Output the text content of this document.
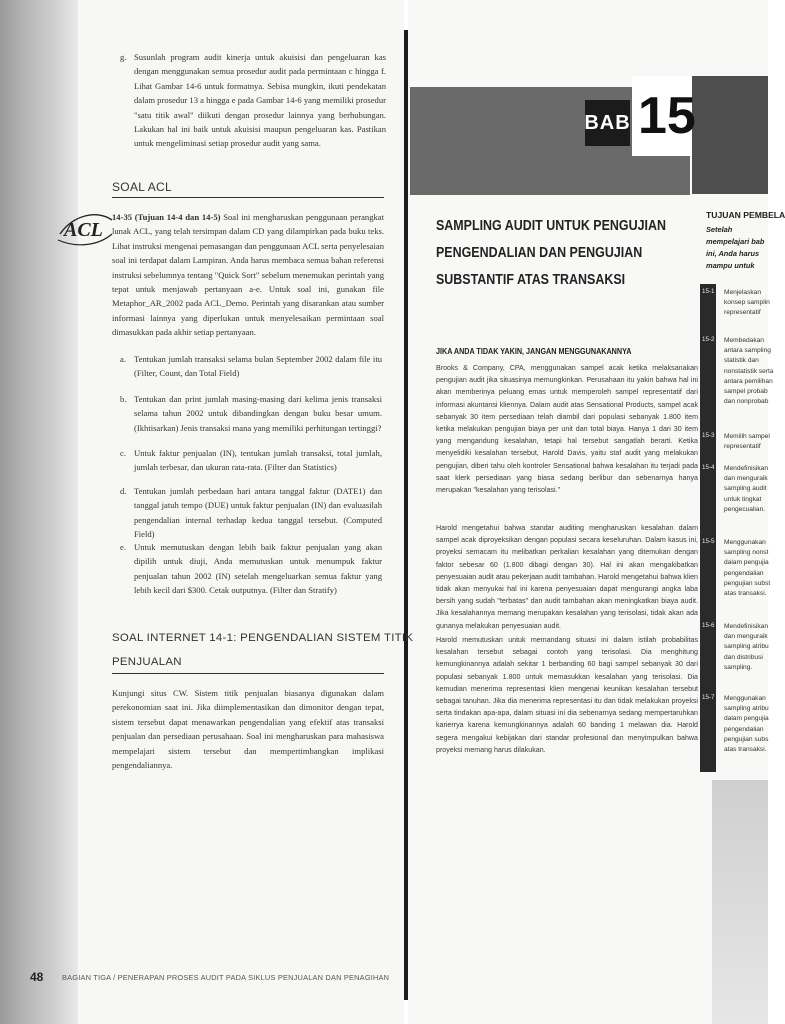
g. Susunlah program audit kinerja untuk akuisisi dan pengeluaran kas dengan menggunakan semua prosedur audit pada permintaan c hingga f. Lihat Gambar 14-6 untuk formatnya. Sebisa mungkin, ikuti pendekatan dalam prosedur 13 a hingga e pada Gambar 14-6 yang memiliki prosedur "satu titik awal" diikuti dengan prosedur lainnya yang berhubungan. Lakukan hal ini baik untuk akuisisi maupun pengeluaran kas. Pastikan untuk mengeliminasi setiap prosedur audit yang sama.
SOAL ACL
ACL
14-35 (Tujuan 14-4 dan 14-5) Soal ini mengharuskan penggunaan perangkat lunak ACL, yang telah tersimpan dalam CD yang dilampirkan pada buku teks. Lihat instruksi mengenai pemasangan dan penggunaan ACL serta penyelesaian soal ini terdapat dalam Lampiran. Anda harus membaca semua bahan referensi instruksi sebelumnya tentang "Quick Sort" sebelum menemukan perintah yang tepat untuk menjawab pertanyaan a-e. Untuk soal ini, gunakan file Metaphor_AR_2002 pada ACL_Demo. Perintah yang disarankan atau sumber informasi lainnya yang diperlukan untuk menyelesaikan permintaan soal dimasukkan pada akhir setiap pertanyaan.
a. Tentukan jumlah transaksi selama bulan September 2002 dalam file itu (Filter, Count, dan Total Field)
b. Tentukan dan print jumlah masing-masing dari kelima jenis transaksi selama tahun 2002 untuk dibandingkan dengan buku besar umum. (Ikhtisarkan) Jenis transaksi mana yang memiliki perhitungan tertinggi?
c. Untuk faktur penjualan (IN), tentukan jumlah transaksi, total jumlah, jumlah terbesar, dan ukuran rata-rata. (Filter dan Statistics)
d. Tentukan jumlah perbedaan hari antara tanggal faktur (DATE1) dan tanggal jatuh tempo (DUE) untuk faktur penjualan (IN) dan evaluasilah pengendalian internal terhadap kedua tanggal tersebut. (Computed Field)
e. Untuk memutuskan dengan lebih baik faktur penjualan yang akan dipilih untuk diuji, Anda memutuskan untuk menumpuk faktur penjualan tahun 2002 (IN) setelah mengeluarkan semua faktur yang lebih kecil dari $300. Cetak outputnya. (Filter dan Stratify)
SOAL INTERNET 14-1: PENGENDALIAN SISTEM TITIK
PENJUALAN
Kunjungi situs CW. Sistem titik penjualan biasanya digunakan dalam perekonomian saat ini. Jika diimplementasikan dan dimonitor dengan tepat, sistem tersebut dapat menawarkan pengendalian yang efektif atas transaksi penjualan dan persediaan perusahaan. Soal ini mengharuskan para mahasiswa mempelajari sistem tersebut dan mempertimbangkan implikasi pengendaliannya.
48	BAGIAN TIGA / PENERAPAN PROSES AUDIT PADA SIKLUS PENJUALAN DAN PENAGIHAN
BAB 15
SAMPLING AUDIT UNTUK PENGUJIAN
PENGENDALIAN DAN PENGUJIAN
SUBSTANTIF ATAS TRANSAKSI
JIKA ANDA TIDAK YAKIN, JANGAN MENGGUNAKANNYA
Brooks & Company, CPA, menggunakan sampel acak ketika melaksanakan pengujian audit jika situasinya memungkinkan. Perusahaan itu yakin bahwa hal ini akan memberinya peluang emas untuk memperoleh sampel representatif dari informasi akuntansi kliennya. Dalam audit atas Sensational Products, sampel acak sebanyak 30 item persediaan telah diambil dari populasi sebanyak 1.800 item ketika melakukan pengujian biaya per unit dan total biaya. Hanya 1 dari 30 item yang mengandung kesalahan, tetapi hal tersebut sangatlah berarti. Ketika menyelidiki kesalahan tersebut, Harold Davis, yaitu staf audit yang melakukan pengujian, diberi tahu oleh kontroler Sensational bahwa kesalahan itu terjadi pada saat klerk persediaan yang biasa sedang berlibur dan sebenarnya hanya merupakan "kesalahan yang terisolasi."
Harold mengetahui bahwa standar auditing mengharuskan kesalahan dalam sampel acak diproyeksikan dengan populasi secara keseluruhan. Dalam kasus ini, proyeksi semacam itu melibatkan perkalian kesalahan yang ditemukan dengan faktor sebesar 60 (1.800 dibagi dengan 30). Hal ini akan mengakibatkan penyesuaian audit atau pekerjaan audit tambahan. Harold mengetahui bahwa klien tidak akan menyukai hal ini karena penyesuaian dapat mengurangi angka laba bersih yang sudah "terbatas" dan audit tambahan akan meningkatkan biaya audit. Jika kesalahannya memang merupakan kesalahan yang terisolasi, tidak akan ada gunanya melakukan penyesuaian audit.
Harold memutuskan untuk memandang situasi ini dalam istilah probabilitas kesalahan tersebut sebagai contoh yang terisolasi. Dia menghitung kemungkinannya adalah sekitar 1 berbanding 60 bagi sampel sebanyak 30 dari populasi sebanyak 1.800 untuk memasukkan kesalahan yang terisolasi. Dia kemudian menerima representasi klien mengenai keunikan kesalahan tersebut sebagai tanuhan. Jika dia menerima representasi itu dan tidak melakukan proyeksi serta tindakan apa-apa, dalam situasi ini dia sebenarnya sedang mempertaruhkan karierrya karena kemungkinannya adalah 60 banding 1 melawan dia. Harold segera mengakui kebijakan dari standar profesional dan menyimpulkan bahwa proyeksi memang harus dilakukan.
TUJUAN PEMBELA
Setelah mempelajari bab ini, Anda harus mampu untuk
15-1 Menjelaskan
konsep samplin
representatif
15-2 Membedakan
antara sampling
statistik dan
nonstatistik serta
antara pemilihan
sampel probab
dan nonprobab
15-3 Memilih sampel
representatif
15-4 Mendefinisikan
dan menguraik
sampling audit
untuk tingkat
pengecualian.
15-5 Menggunakan
sampling nonst
dalam pengujia
pengendalian
pengujian subst
atas transaksi.
15-6 Mendefinisikan
dan menguraik
sampling atribu
dan distribusi
sampling.
15-7 Menggunakan
sampling atribu
dalam pengujia
pengendalian
pengujian subs
atas transaksi.
